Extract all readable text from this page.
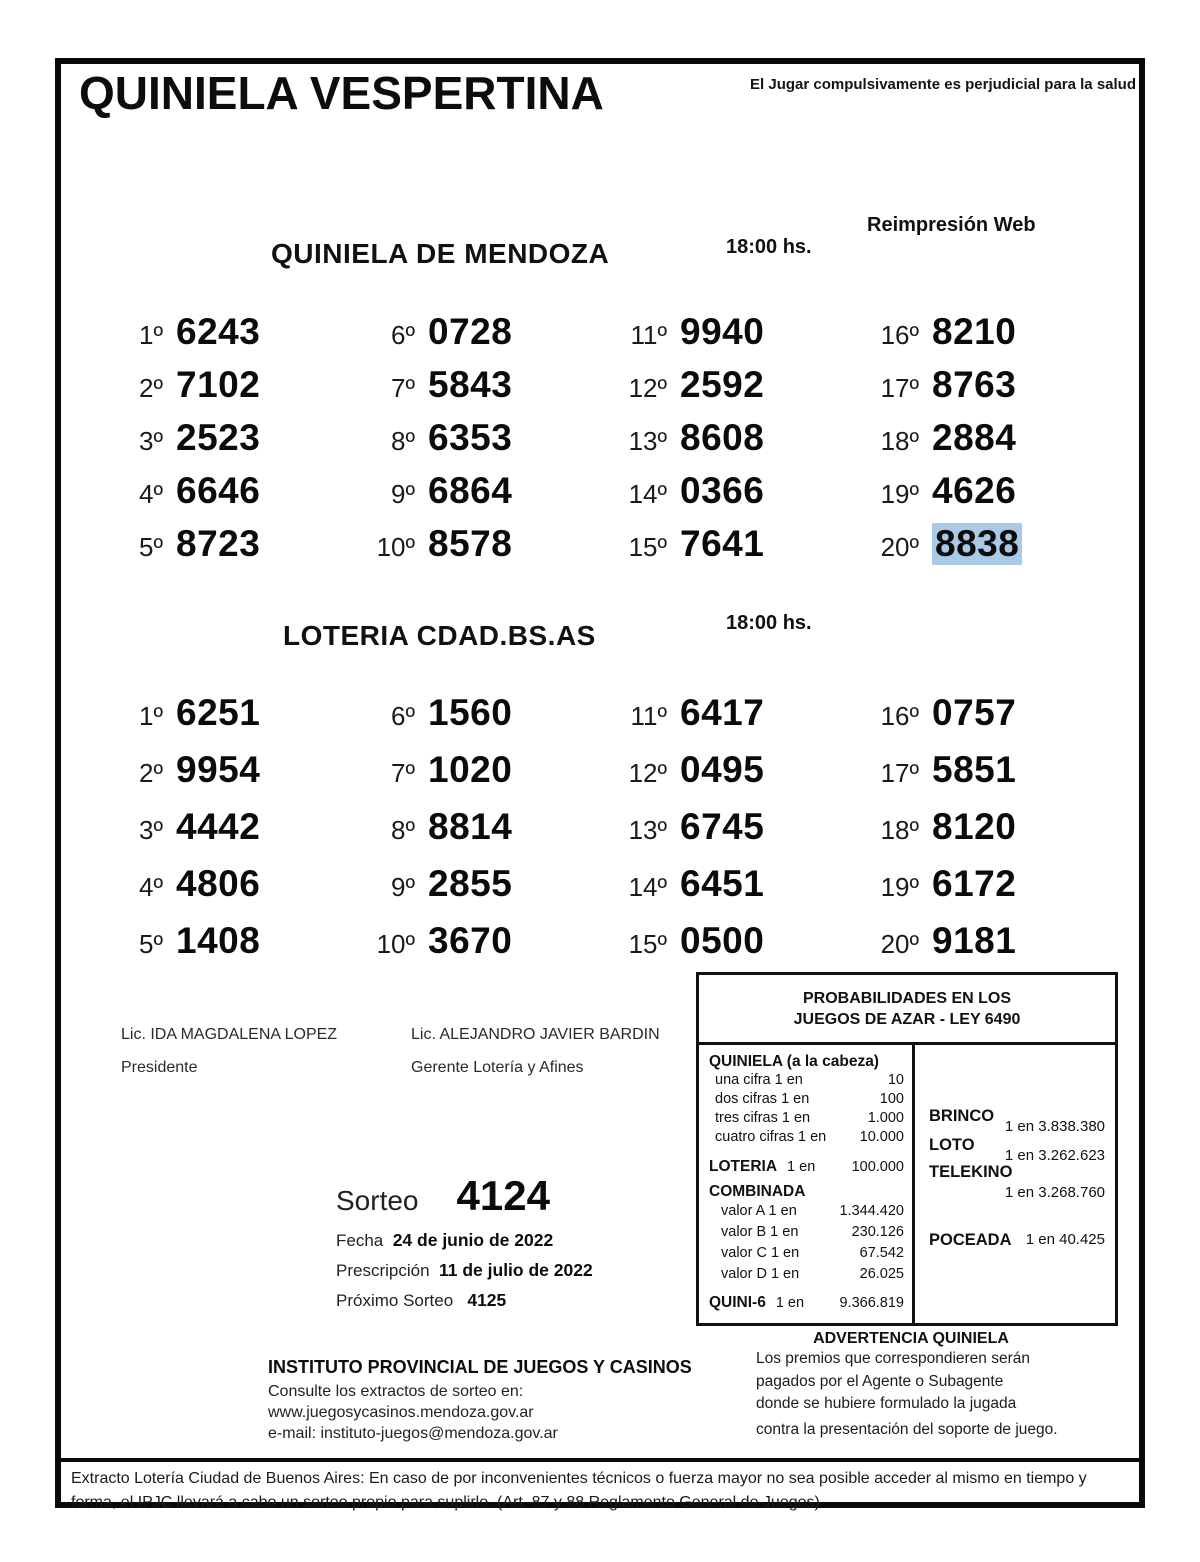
QUINIELA VESPERTINA	El Jugar compulsivamente es perjudicial para la salud
Reimpresión Web
QUINIELA DE MENDOZA	18:00 hs.
1º 6243
2º 7102
3º 2523
4º 6646
5º 8723
6º 0728
7º 5843
8º 6353
9º 6864
10º 8578
11º 9940
12º 2592
13º 8608
14º 0366
15º 7641
16º 8210
17º 8763
18º 2884
19º 4626
20º 8838
LOTERIA CDAD.BS.AS	18:00 hs.
1º 6251
2º 9954
3º 4442
4º 4806
5º 1408
6º 1560
7º 1020
8º 8814
9º 2855
10º 3670
11º 6417
12º 0495
13º 6745
14º 6451
15º 0500
16º 0757
17º 5851
18º 8120
19º 6172
20º 9181
Lic. IDA MAGDALENA LOPEZ
Presidente
Lic. ALEJANDRO JAVIER BARDIN
Gerente Lotería y Afines
Sorteo 4124
Fecha 24 de junio de 2022
Prescripción 11 de julio de 2022
Próximo Sorteo 4125
PROBABILIDADES EN LOS
JUEGOS DE AZAR - LEY 6490
QUINIELA (a la cabeza)
una cifra 1 en	10
dos cifras 1 en	100
tres cifras 1 en	1.000
cuatro cifras 1 en 10.000
LOTERIA 1 en	100.000
COMBINADA
valor A 1 en	1.344.420
valor B 1 en	230.126
valor C 1 en	67.542
valor D 1 en	26.025
QUINI-6 1 en 9.366.819
BRINCO
1 en 3.838.380
LOTO
1 en 3.262.623
TELEKINO
1 en 3.268.760
POCEADA 1 en 40.425
ADVERTENCIA QUINIELA
Los premios que correspondieren serán
pagados por el Agente o Subagente
donde se hubiere formulado la jugada
contra la presentación del soporte de juego.
INSTITUTO PROVINCIAL DE JUEGOS Y CASINOS
Consulte los extractos de sorteo en:
www.juegosycasinos.mendoza.gov.ar
e-mail: instituto-juegos@mendoza.gov.ar
Extracto Lotería Ciudad de Buenos Aires: En caso de por inconvenientes técnicos o fuerza mayor no sea posible acceder al mismo en tiempo y
forma, el IPJC llevará a cabo un sorteo propio para suplirlo. (Art. 87 y 88 Reglamento General de Juegos)
